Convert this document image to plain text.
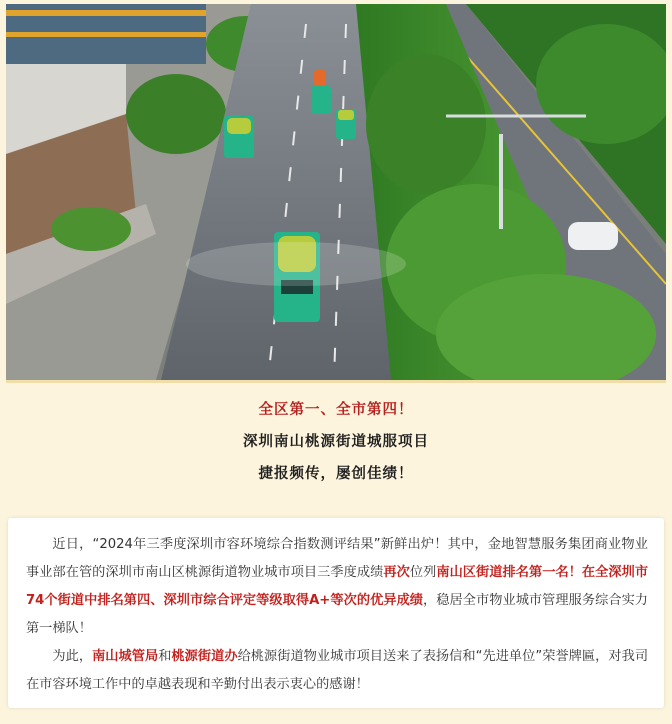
全区第一、全市第四！
深圳南山桃源街道城服项目
捷报频传，屡创佳绩！

近日，“2024年三季度深圳市容环境综合指数测评结果”新鲜出炉！其中，金地智慧服务集团商业物业事业部在管的深圳市南山区桃源街道物业城市项目三季度成绩再次位列南山区街道排名第一名！在全深圳市74个街道中排名第四、深圳市综合评定等级取得A+等次的优异成绩，稳居全市物业城市管理服务综合实力第一梯队！

为此，南山城管局和桃源街道办给桃源街道物业城市项目送来了表扬信和“先进单位”荣誉牌匾，对我司在市容环境工作中的卓越表现和辛勤付出表示衷心的感谢！
